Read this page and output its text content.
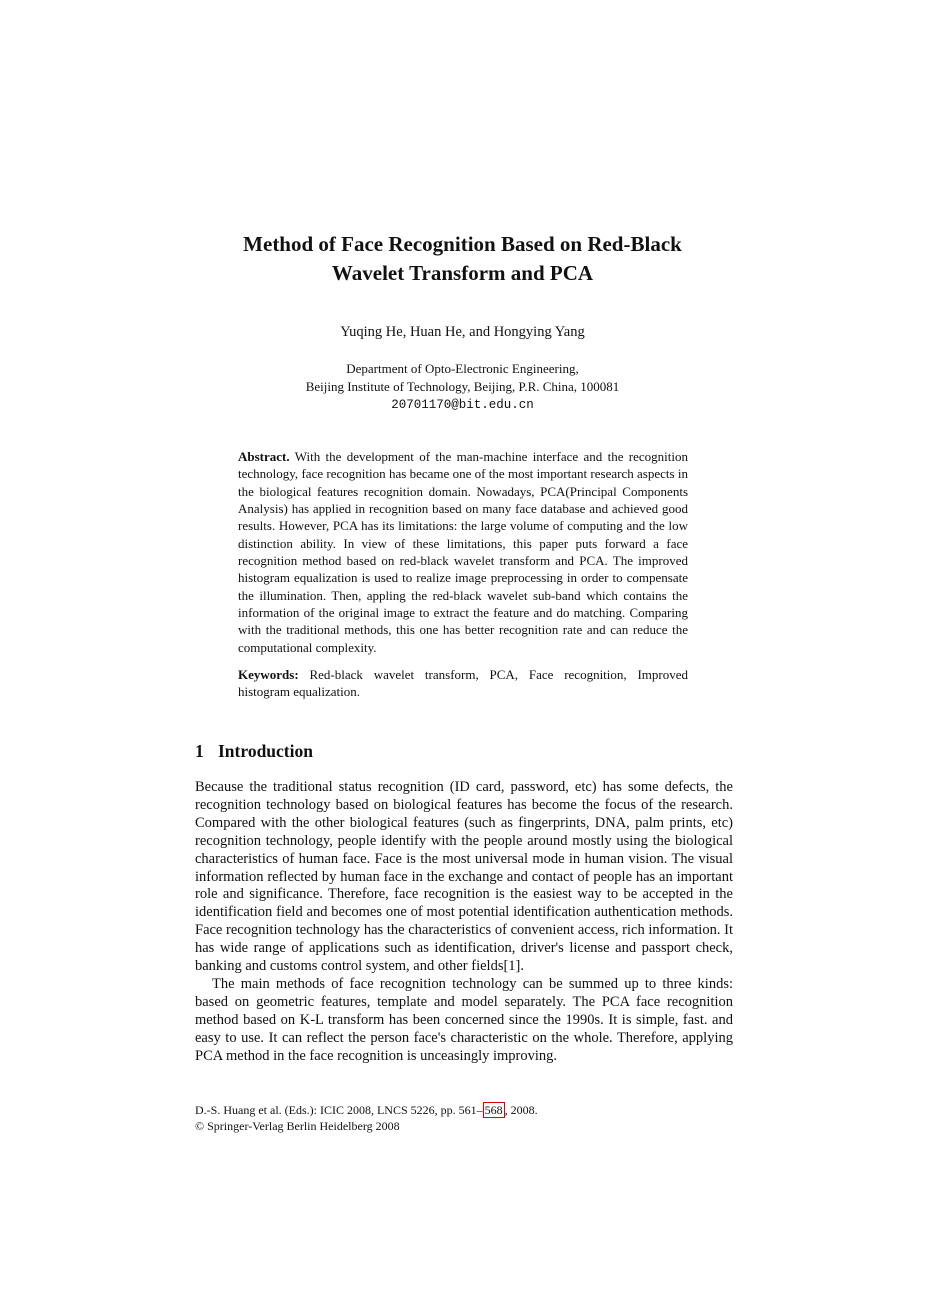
Method of Face Recognition Based on Red-Black
Wavelet Transform and PCA
Yuqing He, Huan He, and Hongying Yang
Department of Opto-Electronic Engineering,
Beijing Institute of Technology, Beijing, P.R. China, 100081
20701170@bit.edu.cn
Abstract. With the development of the man-machine interface and the recognition technology, face recognition has became one of the most important research aspects in the biological features recognition domain. Nowadays, PCA(Principal Components Analysis) has applied in recognition based on many face database and achieved good results. However, PCA has its limitations: the large volume of computing and the low distinction ability. In view of these limitations, this paper puts forward a face recognition method based on red-black wavelet transform and PCA. The improved histogram equalization is used to realize image preprocessing in order to compensate the illumination. Then, appling the red-black wavelet sub-band which contains the information of the original image to extract the feature and do matching. Comparing with the traditional methods, this one has better recognition rate and can reduce the computational complexity.
Keywords: Red-black wavelet transform, PCA, Face recognition, Improved histogram equalization.
1 Introduction

Because the traditional status recognition (ID card, password, etc) has some defects, the recognition technology based on biological features has become the focus of the research. Compared with the other biological features (such as fingerprints, DNA, palm prints, etc) recognition technology, people identify with the people around mostly using the biological characteristics of human face. Face is the most universal mode in human vision. The visual information reflected by human face in the exchange and contact of people has an important role and significance. Therefore, face recognition is the easiest way to be accepted in the identification field and becomes one of most potential identification authentication methods. Face recognition technology has the characteristics of convenient access, rich information. It has wide range of applications such as identification, driver's license and passport check, banking and customs control system, and other fields[1].

The main methods of face recognition technology can be summed up to three kinds: based on geometric features, template and model separately. The PCA face recognition method based on K-L transform has been concerned since the 1990s. It is simple, fast. and easy to use. It can reflect the person face's characteristic on the whole. Therefore, applying PCA method in the face recognition is unceasingly improving.

D.-S. Huang et al. (Eds.): ICIC 2008, LNCS 5226, pp. 561– 568 , 2008.
© Springer-Verlag Berlin Heidelberg 2008
